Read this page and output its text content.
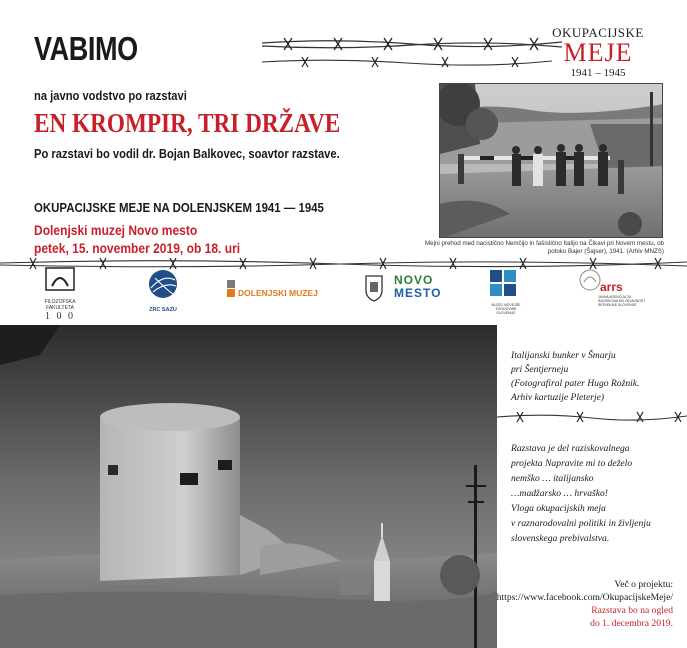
VABIMO	OKUPACIJSKE
MEJE
1941 – 1945
na javno vodstvo po razstavi
EN KROMPIR, TRI DRŽAVE
Po razstavi bo vodil dr. Bojan Balkovec, soavtor razstave.
OKUPACIJSKE MEJE NA DOLENJSKEM 1941 — 1945
Dolenjski muzej Novo mesto
petek, 15. november 2019, ob 18. uri	Mejni prehod med nacistično Nemčijo in fašistično Italijo na Čikavi pri Novem mestu, ob potoku Bajer (Šajser), 1941. (Arhiv MNZS)
FILOZOFSKA FAKULTETA
1 0 0
ZRC SAZU
DOLENJSKI MUZEJ
NOVO
MESTO
MUZEJ NOVEJŠE ZGODOVINE SLOVENIJE
arrs
JAVNA AGENCIJA ZA RAZISKOVALNO DEJAVNOST REPUBLIKE SLOVENIJE
Italijanski bunker v Šmarju
pri Šentjerneju
(Fotografiral pater Hugo Rožnik.
Arhiv kartuzije Pleterje)
Razstava je del raziskovalnega
projekta Napravite mi to deželo
nemško … italijansko
…madžarsko … hrvaško!
Vloga okupacijskih meja
v raznarodovalni politiki in življenju
slovenskega prebivalstva.
Več o projektu:
https://www.facebook.com/OkupacijskeMeje/
Razstava bo na ogled
do 1. decembra 2019.
